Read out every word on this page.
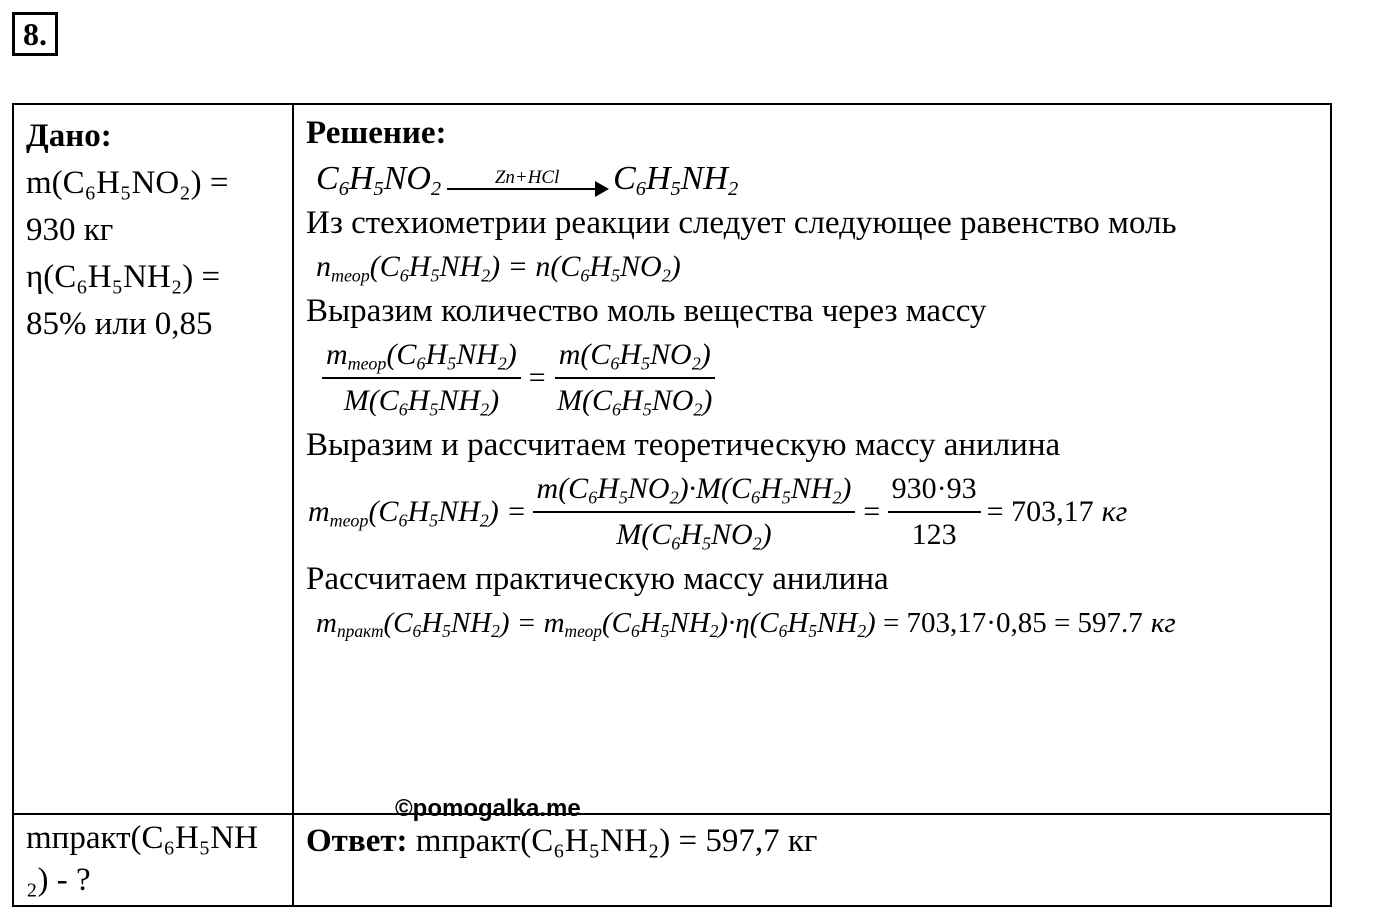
8.
Дано:
m(C₆H₅NO₂) =
930 кг
η(C₆H₅NH₂) =
85% или 0,85
mпракт(C₆H₅NH
₂) - ?
Решение:
$C_6H_5NO_2$
Zn+HCl $C_6H_5NH_2$
Из стехиометрии реакции следует следующее равенство моль
$n_{теор}(C_6H_5NH_2) = n(C_6H_5NO_2)$
Выразим количество моль вещества через массу
$\frac{m_{теор}(C_6H_5NH_2)}{M(C_6H_5NH_2)} = \frac{m(C_6H_5NO_2)}{M(C_6H_5NO_2)}$
Выразим и рассчитаем теоретическую массу анилина
$m_{теор}(C_6H_5NH_2) = \frac{m(C_6H_5NO_2)\cdot M(C_6H_5NH_2)}{M(C_6H_5NO_2)} = \frac{930\cdot 93}{123} = 703,17$ кг
Рассчитаем практическую массу анилина
$m_{практ}(C_6H_5NH_2) = m_{теор}(C_6H_5NH_2)\cdot\eta(C_6H_5NH_2) = 703,17\cdot 0,85 = 597.7$ кг
Ответ: mпракт(C₆H₅NH₂) = 597,7 кг
©pomogalka.me
